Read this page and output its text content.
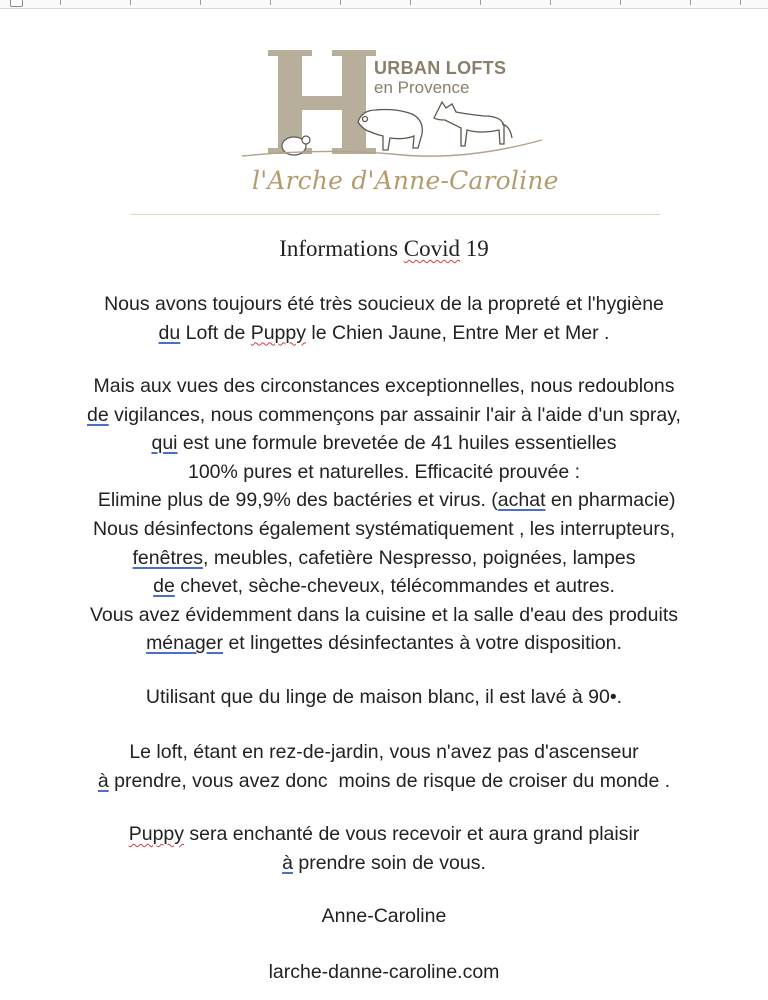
URBAN LOFTS
en Provence
l'Arche d'Anne-Caroline
Informations Covid 19

Nous avons toujours été très soucieux de la propreté et l'hygiène
du Loft de Puppy le Chien Jaune, Entre Mer et Mer .

Mais aux vues des circonstances exceptionnelles, nous redoublons
de vigilances, nous commençons par assainir l'air à l'aide d'un spray,
qui est une formule brevetée de 41 huiles essentielles
100% pures et naturelles. Efficacité prouvée :
Elimine plus de 99,9% des bactéries et virus. (achat en pharmacie)
Nous désinfectons également systématiquement , les interrupteurs,
fenêtres, meubles, cafetière Nespresso, poignées, lampes
de chevet, sèche-cheveux, télécommandes et autres.
Vous avez évidemment dans la cuisine et la salle d'eau des produits
ménager et lingettes désinfectantes à votre disposition.

Utilisant que du linge de maison blanc, il est lavé à 90•.

Le loft, étant en rez-de-jardin, vous n'avez pas d'ascenseur
à prendre, vous avez donc  moins de risque de croiser du monde .

Puppy sera enchanté de vous recevoir et aura grand plaisir
à prendre soin de vous.

Anne-Caroline

larche-danne-caroline.com
